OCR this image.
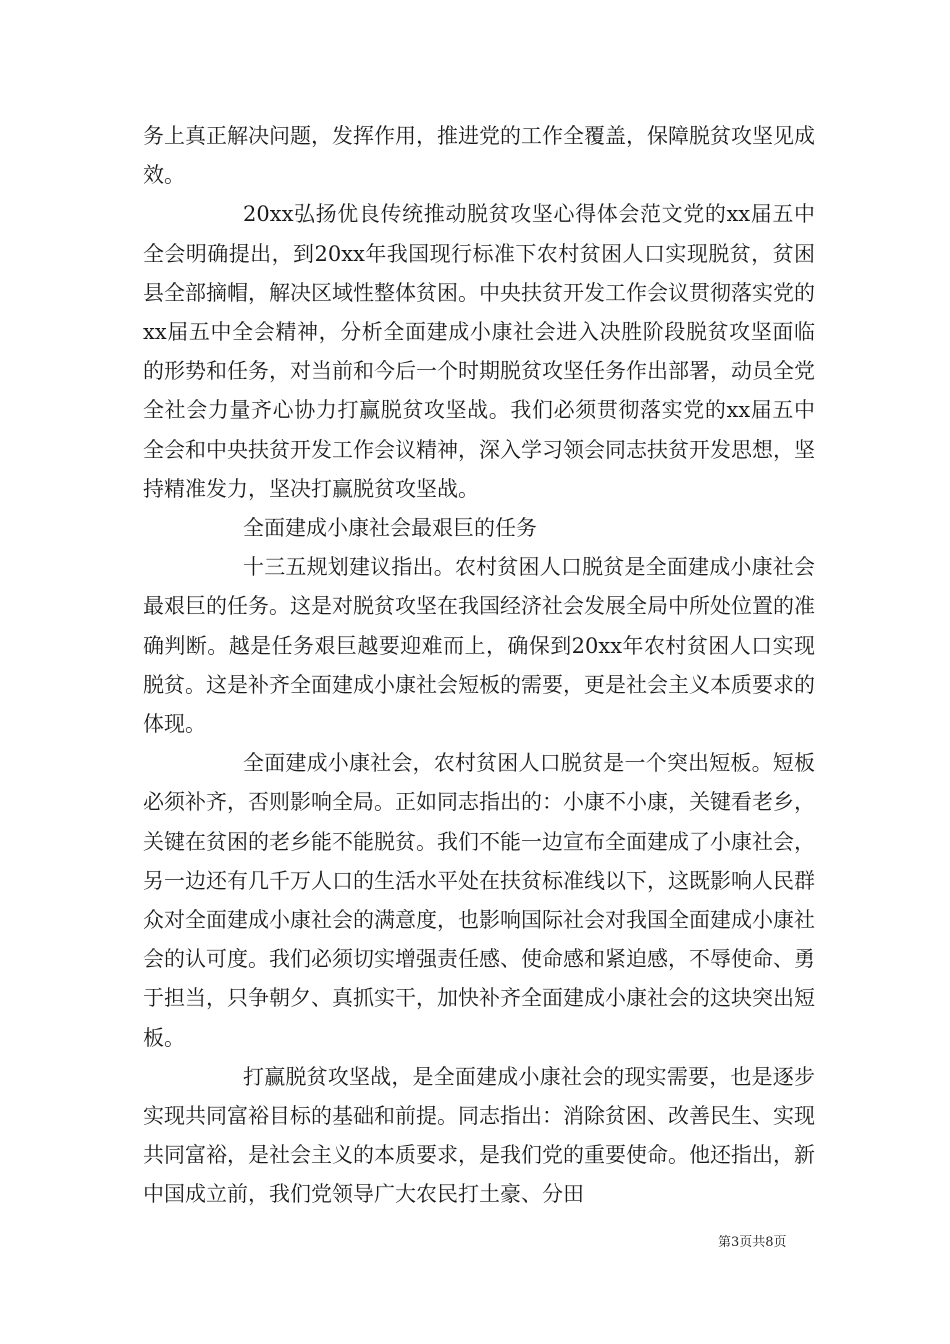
务上真正解决问题，发挥作用，推进党的工作全覆盖，保障脱贫攻坚见成效。

20xx弘扬优良传统推动脱贫攻坚心得体会范文党的xx届五中全会明确提出，到20xx年我国现行标准下农村贫困人口实现脱贫，贫困县全部摘帽，解决区域性整体贫困。中央扶贫开发工作会议贯彻落实党的xx届五中全会精神，分析全面建成小康社会进入决胜阶段脱贫攻坚面临的形势和任务，对当前和今后一个时期脱贫攻坚任务作出部署，动员全党全社会力量齐心协力打赢脱贫攻坚战。我们必须贯彻落实党的xx届五中全会和中央扶贫开发工作会议精神，深入学习领会同志扶贫开发思想，坚持精准发力，坚决打赢脱贫攻坚战。

全面建成小康社会最艰巨的任务

十三五规划建议指出。农村贫困人口脱贫是全面建成小康社会最艰巨的任务。这是对脱贫攻坚在我国经济社会发展全局中所处位置的准确判断。越是任务艰巨越要迎难而上，确保到20xx年农村贫困人口实现脱贫。这是补齐全面建成小康社会短板的需要，更是社会主义本质要求的体现。

全面建成小康社会，农村贫困人口脱贫是一个突出短板。短板必须补齐，否则影响全局。正如同志指出的：小康不小康，关键看老乡，关键在贫困的老乡能不能脱贫。我们不能一边宣布全面建成了小康社会，另一边还有几千万人口的生活水平处在扶贫标准线以下，这既影响人民群众对全面建成小康社会的满意度，也影响国际社会对我国全面建成小康社会的认可度。我们必须切实增强责任感、使命感和紧迫感，不辱使命、勇于担当，只争朝夕、真抓实干，加快补齐全面建成小康社会的这块突出短板。

打赢脱贫攻坚战，是全面建成小康社会的现实需要，也是逐步实现共同富裕目标的基础和前提。同志指出：消除贫困、改善民生、实现共同富裕，是社会主义的本质要求，是我们党的重要使命。他还指出，新中国成立前，我们党领导广大农民打土豪、分田

第3页共8页
